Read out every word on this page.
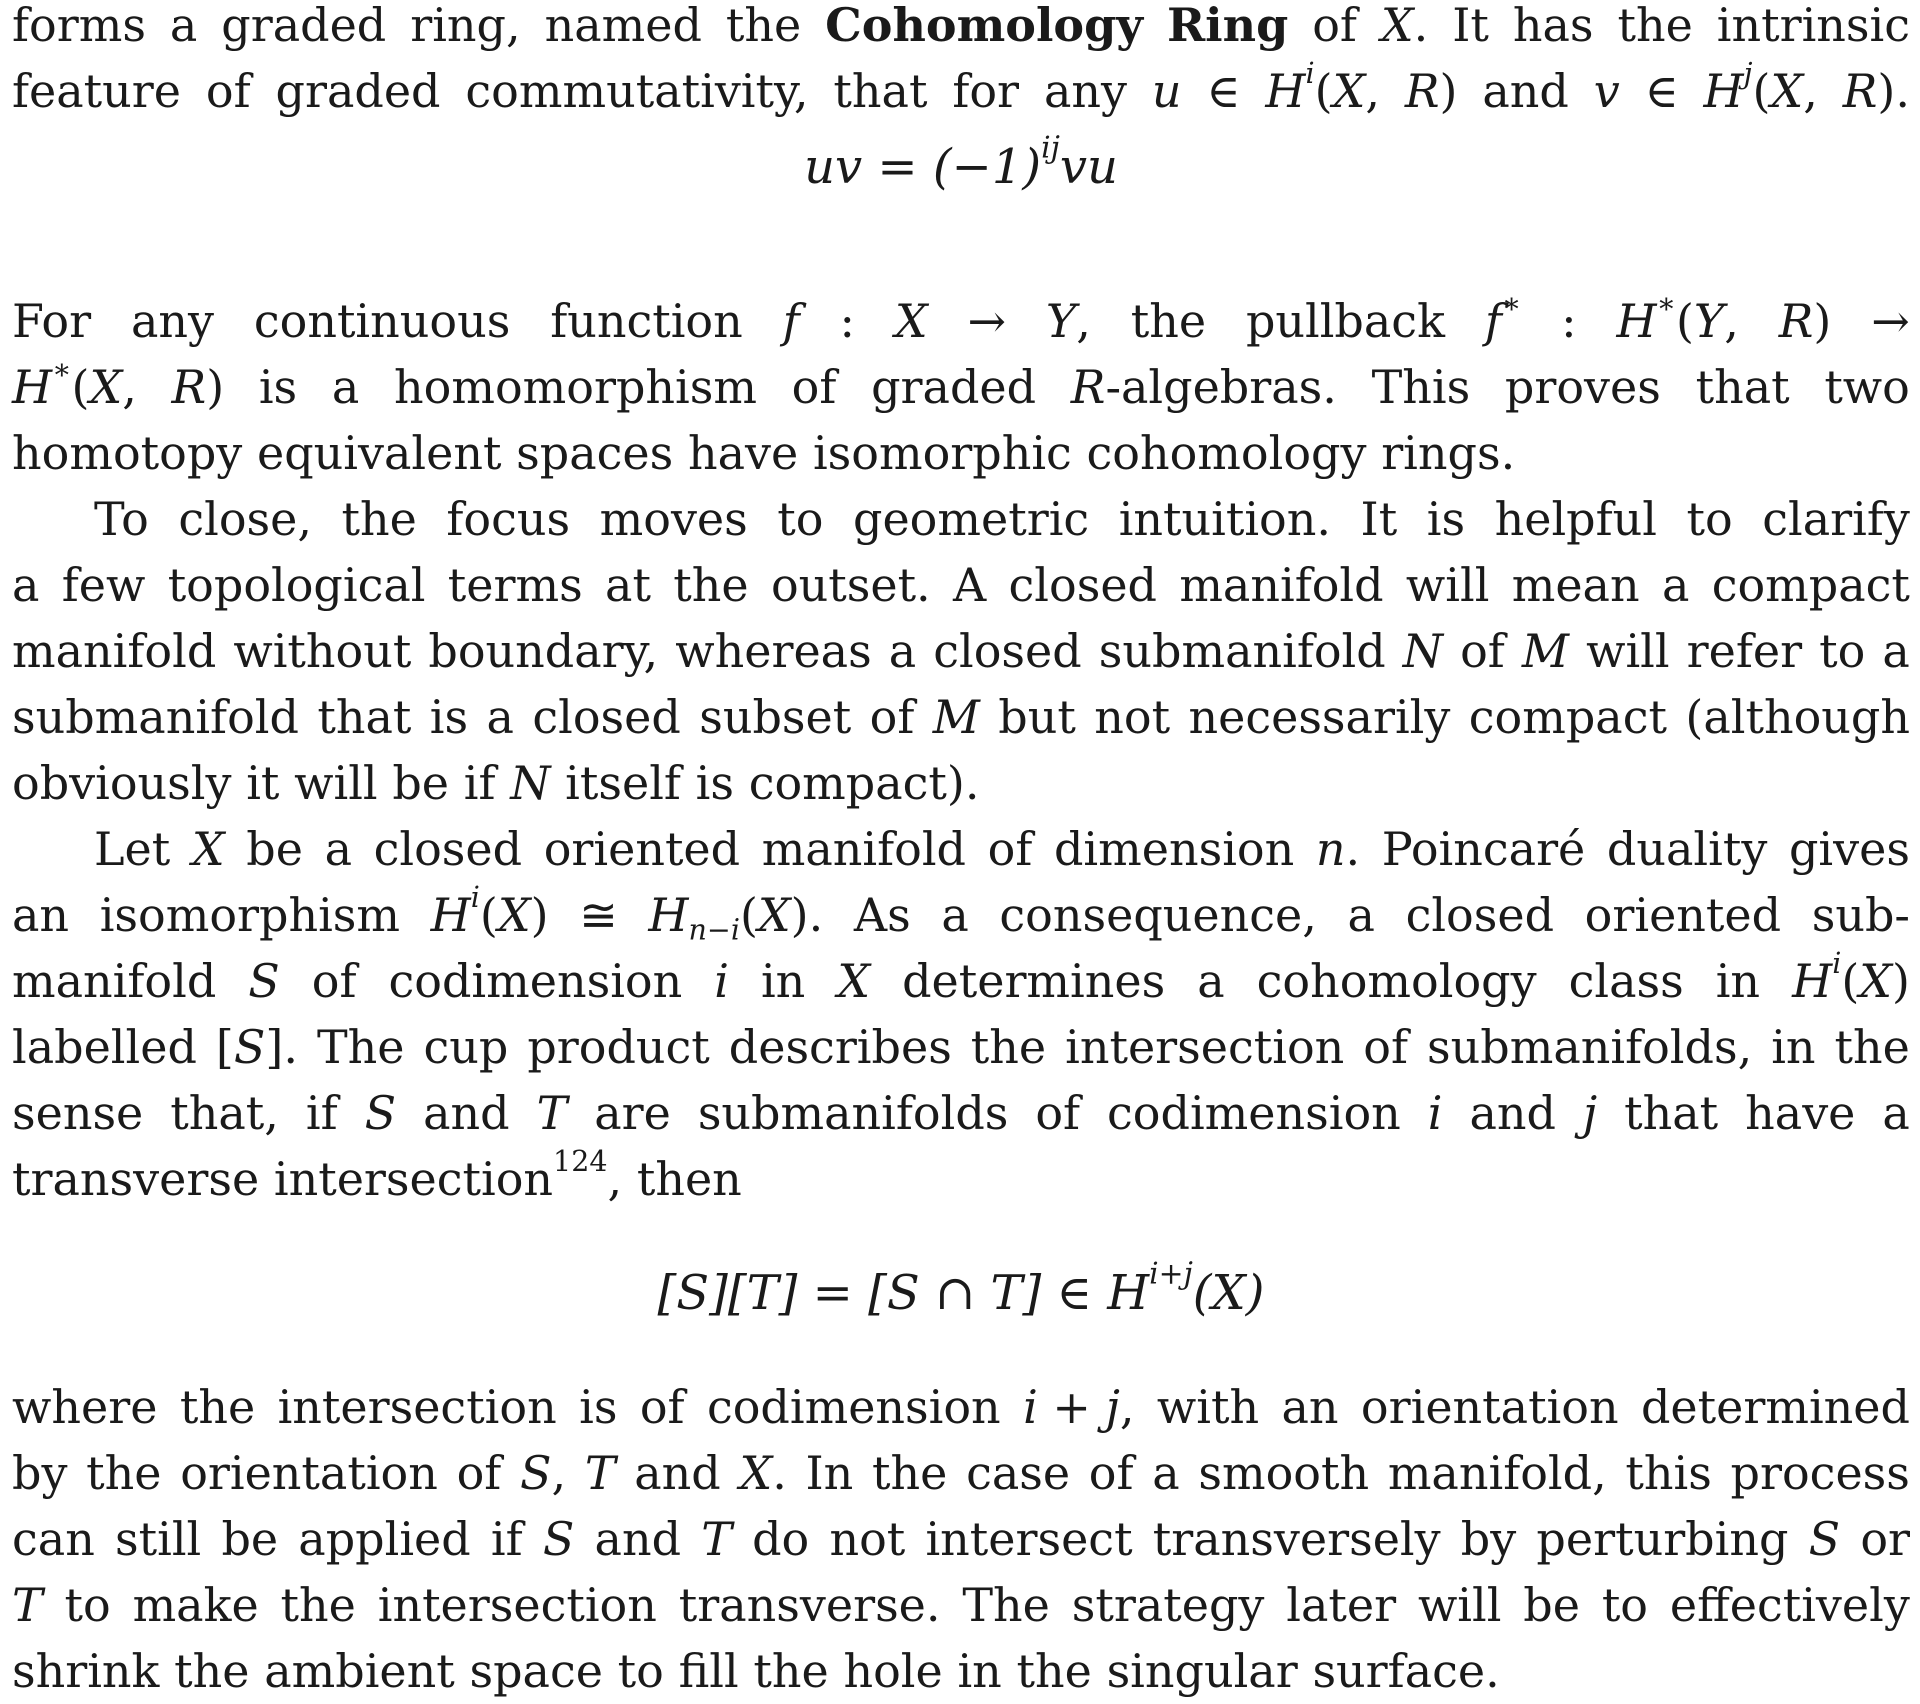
forms a graded ring, named the Cohomology Ring of X. It has the intrinsic
feature of graded commutativity, that for any u ∈ $H^i(X$, R) and v ∈ $H^j(X$, R).
uv = $(-1)^{ij}vu$
For any continuous function f : X → Y, the pullback f∗ : H∗(Y, R) →
H∗(X, R) is a homomorphism of graded R-algebras. This proves that two
homotopy equivalent spaces have isomorphic cohomology rings.
To close, the focus moves to geometric intuition. It is helpful to clarify
a few topological terms at the outset. A closed manifold will mean a compact
manifold without boundary, whereas a closed submanifold N of M will refer to a
submanifold that is a closed subset of M but not necessarily compact (although
obviously it will be if N itself is compact).
Let X be a closed oriented manifold of dimension n. Poincaré duality gives
an isomorphism $H^i(X)$ ≅ $H_{n-i}(X)$. As a consequence, a closed oriented sub-
manifold S of codimension i in X determines a cohomology class in $H^i(X)$
labelled [S]. The cup product describes the intersection of submanifolds, in the
sense that, if S and T are submanifolds of codimension i and j that have a
transverse intersection$^{124}$, then
[S][T] = [S ∩ T] ∈ $H^{i+j}(X)$
where the intersection is of codimension i + j, with an orientation determined
by the orientation of S, T and X. In the case of a smooth manifold, this process
can still be applied if S and T do not intersect transversely by perturbing S or
T to make the intersection transverse. The strategy later will be to effectively
shrink the ambient space to fill the hole in the singular surface.
